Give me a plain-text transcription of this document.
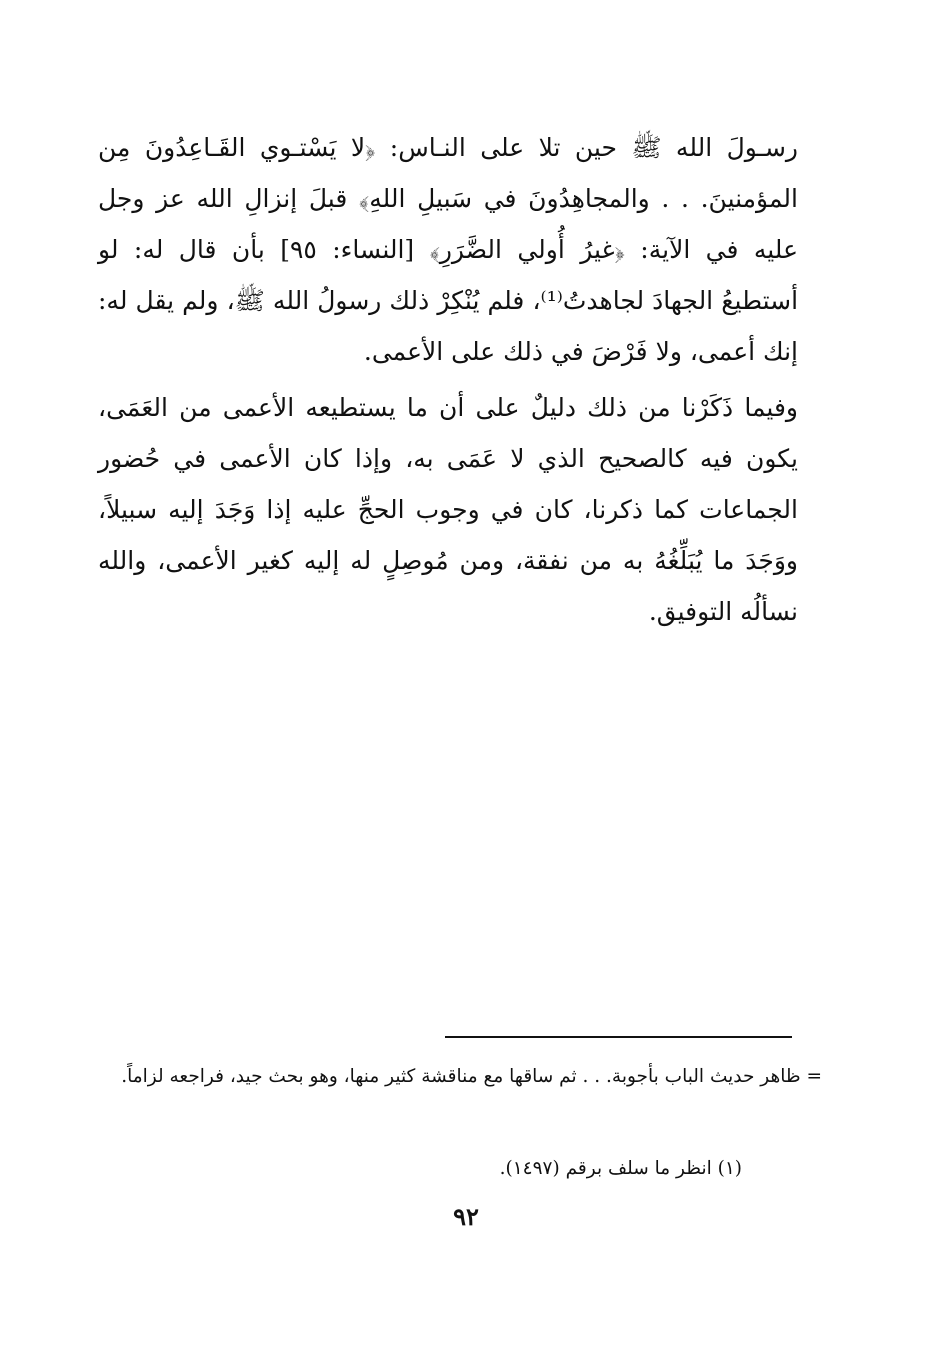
رسـولَ الله ﷺ حين تلا على النـاس: ﴿لا يَسْتـوي القَـاعِدُونَ مِن المؤمنينَ. . . والمجاهِدُونَ في سَبيلِ اللهِ﴾ قبلَ إنزالِ الله عز وجل عليه في الآية: ﴿غيرُ أُولي الضَّرَرِ﴾ [النساء: ٩٥] بأن قال له: لو أستطيعُ الجهادَ لجاهدتُ⁽¹⁾، فلم يُنْكِرْ ذلك رسولُ الله ﷺ، ولم يقل له: إنك أعمى، ولا فَرْضَ في ذلك على الأعمى.

وفيما ذَكَرْنا من ذلك دليلٌ على أن ما يستطيعه الأعمى من العَمَى، يكون فيه كالصحيح الذي لا عَمَى به، وإذا كان الأعمى في حُضور الجماعات كما ذكرنا، كان في وجوب الحجِّ عليه إذا وَجَدَ إليه سبيلاً، ووَجَدَ ما يُبَلِّغُهُ به من نفقة، ومن مُوصِلٍ له إليه كغير الأعمى، والله نسألُه التوفيق.

= ظاهر حديث الباب بأجوبة. . . ثم ساقها مع مناقشة كثير منها، وهو بحث جيد، فراجعه لزاماً.

(١) انظر ما سلف برقم (١٤٩٧).

٩٢
